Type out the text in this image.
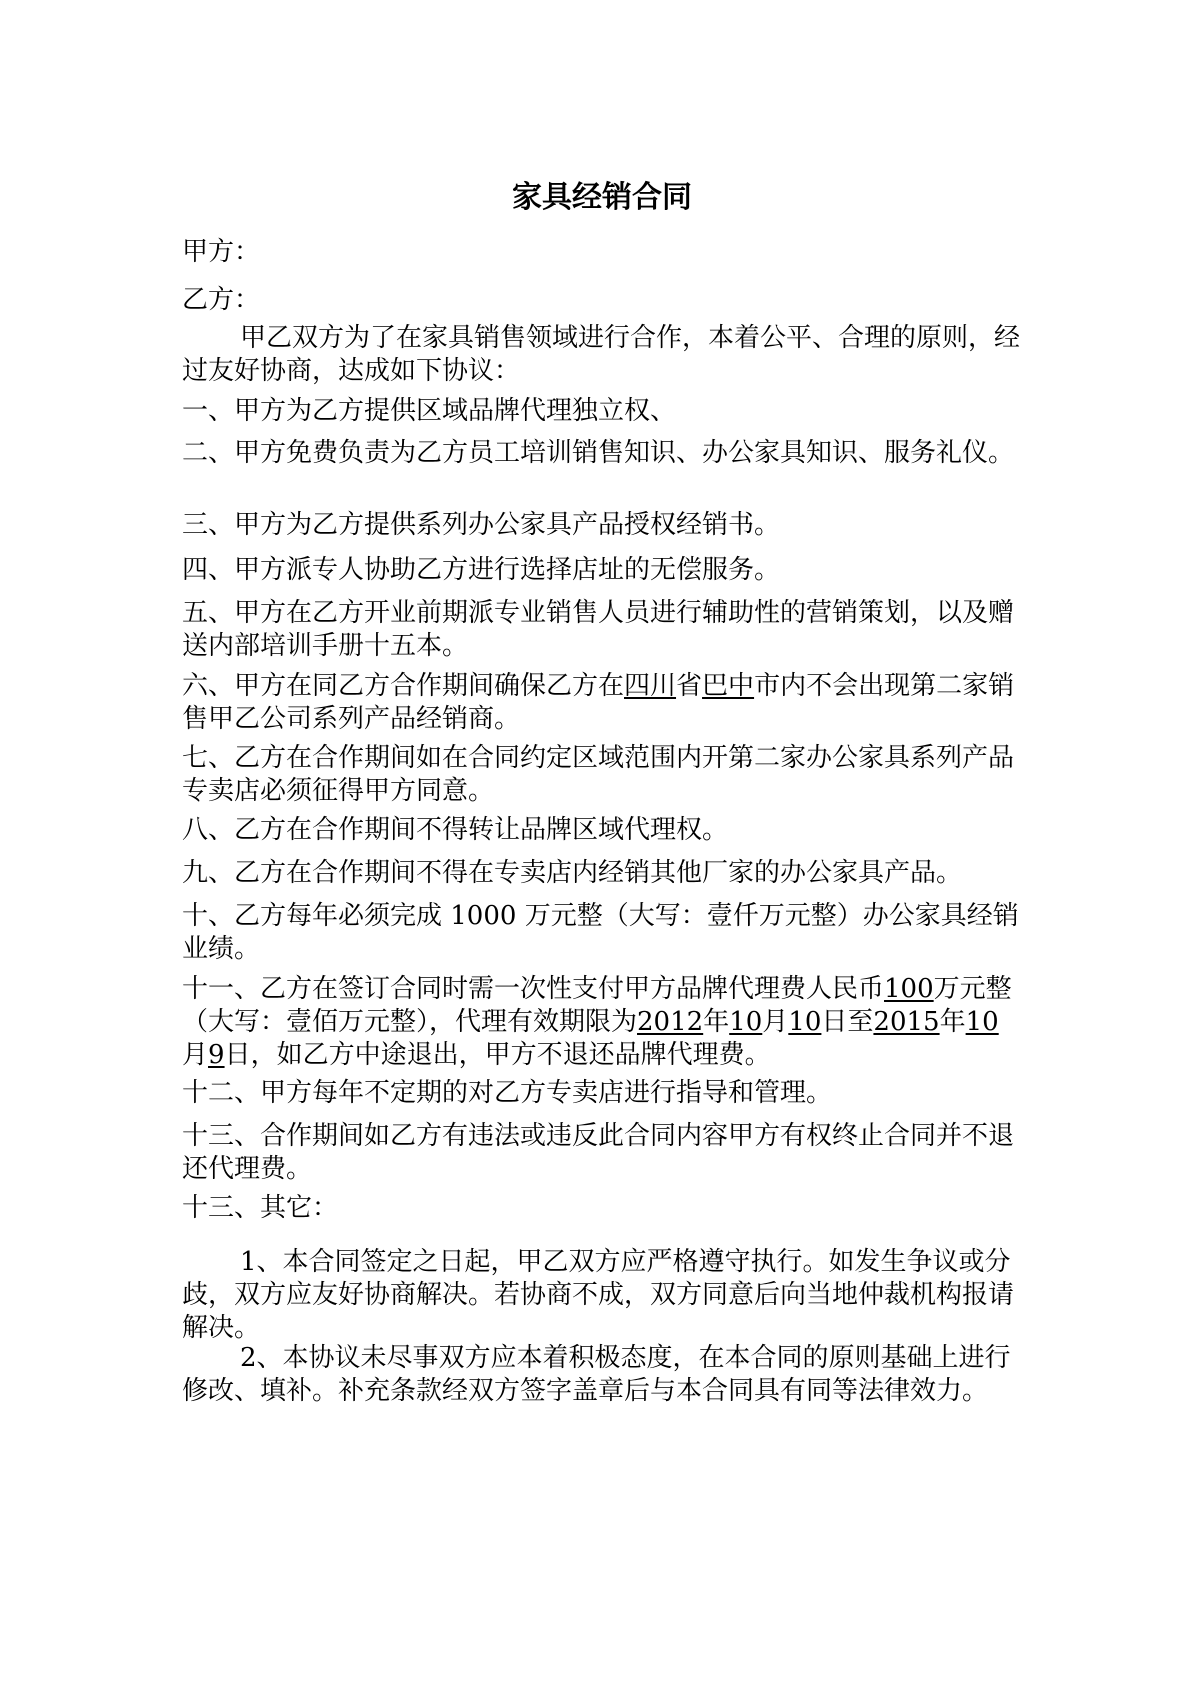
家具经销合同

甲方：

乙方：

甲乙双方为了在家具销售领域进行合作，本着公平、合理的原则，经过友好协商，达成如下协议：

一、甲方为乙方提供区域品牌代理独立权、

二、甲方免费负责为乙方员工培训销售知识、办公家具知识、服务礼仪。

三、甲方为乙方提供系列办公家具产品授权经销书。

四、甲方派专人协助乙方进行选择店址的无偿服务。

五、甲方在乙方开业前期派专业销售人员进行辅助性的营销策划，以及赠送内部培训手册十五本。

六、甲方在同乙方合作期间确保乙方在四川省巴中市内不会出现第二家销售甲乙公司系列产品经销商。

七、乙方在合作期间如在合同约定区域范围内开第二家办公家具系列产品专卖店必须征得甲方同意。

八、乙方在合作期间不得转让品牌区域代理权。

九、乙方在合作期间不得在专卖店内经销其他厂家的办公家具产品。

十、乙方每年必须完成 1000 万元整（大写：壹仟万元整）办公家具经销业绩。

十一、乙方在签订合同时需一次性支付甲方品牌代理费人民币100万元整（大写：壹佰万元整），代理有效期限为2012年10月10日至2015年10月9日，如乙方中途退出，甲方不退还品牌代理费。

十二、甲方每年不定期的对乙方专卖店进行指导和管理。

十三、合作期间如乙方有违法或违反此合同内容甲方有权终止合同并不退还代理费。

十三、其它：

1、本合同签定之日起，甲乙双方应严格遵守执行。如发生争议或分歧，双方应友好协商解决。若协商不成，双方同意后向当地仲裁机构报请解决。

2、本协议未尽事双方应本着积极态度，在本合同的原则基础上进行修改、填补。补充条款经双方签字盖章后与本合同具有同等法律效力。
